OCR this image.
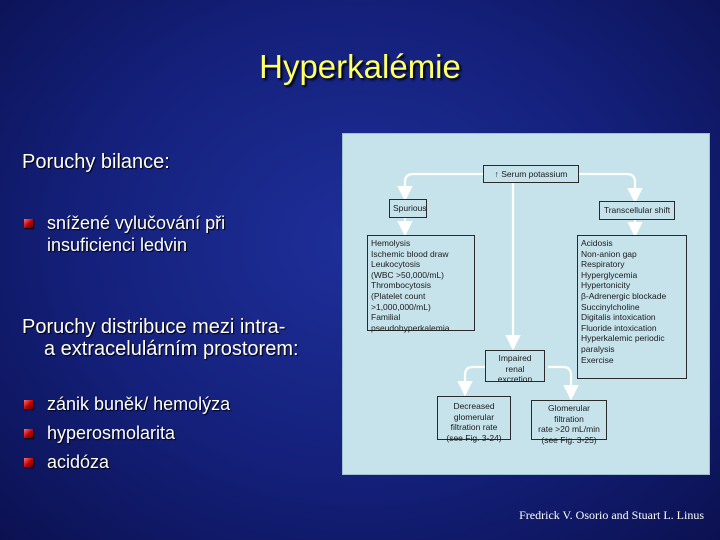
Hyperkalémie
Poruchy bilance:
snížené vylučování při
insuficienci ledvin
Poruchy distribuce mezi intra-
a extracelulárním prostorem:
zánik buněk/ hemolýza
hyperosmolarita
acidóza
↑ Serum potassium
Spurious	Transcellular shift
Hemolysis
Ischemic blood draw
Leukocytosis
(WBC >50,000/mL)
Thrombocytosis
(Platelet count >1,000,000/mL)
Familial pseudohyperkalemia
Acidosis
Non-anion gap
Respiratory
Hyperglycemia
Hypertonicity
β-Adrenergic blockade
Succinylcholine
Digitalis intoxication
Fluoride intoxication
Hyperkalemic periodic paralysis
Exercise
Impaired renal
excretion
Decreased glomerular
filtration rate
(see Fig. 3-24)
Glomerular filtration
rate >20 mL/min
(see Fig. 3-25)
Fredrick V. Osorio and Stuart L. Linus
